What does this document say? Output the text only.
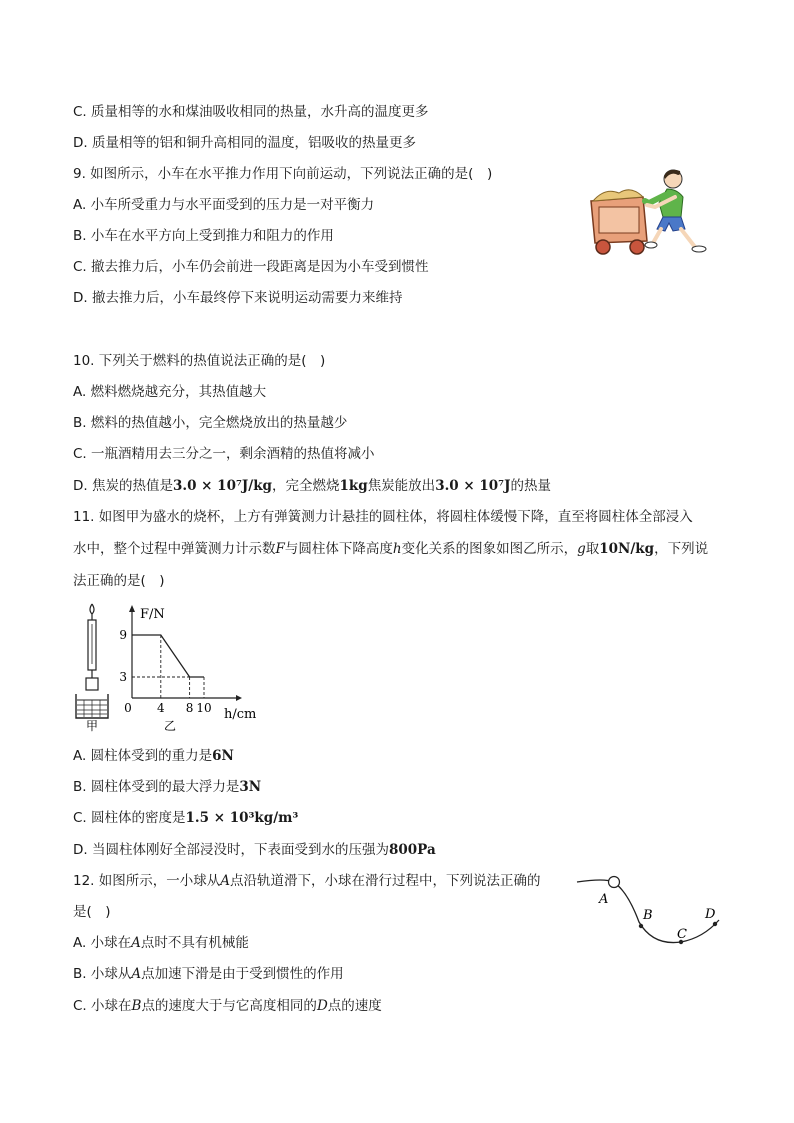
C. 质量相等的水和煤油吸收相同的热量，水升高的温度更多
D. 质量相等的铝和铜升高相同的温度，铝吸收的热量更多
9. 如图所示，小车在水平推力作用下向前运动，下列说法正确的是(　)
A. 小车所受重力与水平面受到的压力是一对平衡力
B. 小车在水平方向上受到推力和阻力的作用
C. 撤去推力后，小车仍会前进一段距离是因为小车受到惯性
D. 撤去推力后，小车最终停下来说明运动需要力来维持
10. 下列关于燃料的热值说法正确的是(　)
A. 燃料燃烧越充分，其热值越大
B. 燃料的热值越小，完全燃烧放出的热量越少
C. 一瓶酒精用去三分之一，剩余酒精的热值将减小
D. 焦炭的热值是3.0 × 10⁷J/kg，完全燃烧1kg焦炭能放出3.0 × 10⁷J的热量
11. 如图甲为盛水的烧杯，上方有弹簧测力计悬挂的圆柱体，将圆柱体缓慢下降，直至将圆柱体全部浸入
水中，整个过程中弹簧测力计示数F与圆柱体下降高度h变化关系的图象如图乙所示，g取10N/kg，下列说
法正确的是(　)
甲
F/N
h/cm
0 4 8 10
9
3
乙
A. 圆柱体受到的重力是6N
B. 圆柱体受到的最大浮力是3N
C. 圆柱体的密度是1.5 × 10³kg/m³
D. 当圆柱体刚好全部浸没时，下表面受到水的压强为800Pa
12. 如图所示，一小球从A点沿轨道滑下，小球在滑行过程中，下列说法正确的
是(　)
A. 小球在A点时不具有机械能
B. 小球从A点加速下滑是由于受到惯性的作用
C. 小球在B点的速度大于与它高度相同的D点的速度
A
B
C
D
